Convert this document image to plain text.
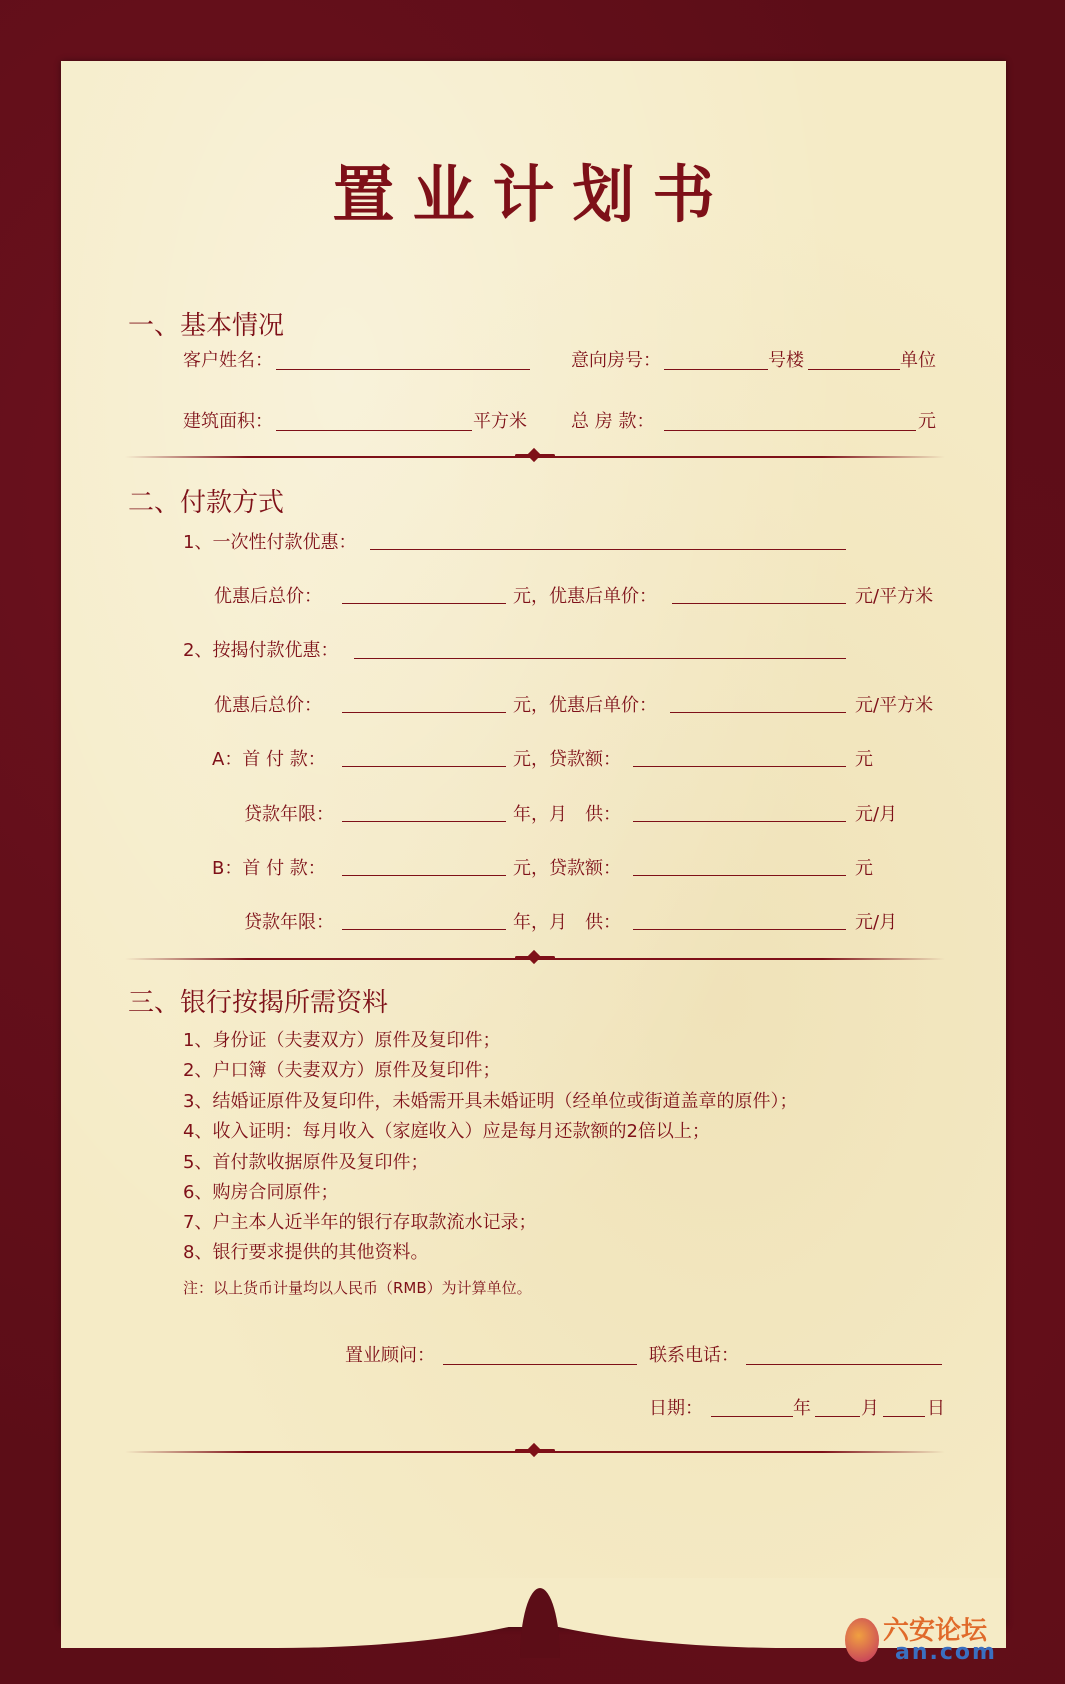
置业计划书
一、基本情况
客户姓名：	意向房号：	号楼	单位
建筑面积：	平方米 总 房 款：	元
二、付款方式
1、一次性付款优惠：
优惠后总价：	元，优惠后单价：	元/平方米
2、按揭付款优惠：
优惠后总价：	元，优惠后单价：	元/平方米
A：首 付 款：	元，贷款额：	元
贷款年限：	年，月　供：	元/月
B：首 付 款：	元，贷款额：	元
贷款年限：	年，月　供：	元/月
三、银行按揭所需资料
1、身份证（夫妻双方）原件及复印件；
2、户口簿（夫妻双方）原件及复印件；
3、结婚证原件及复印件，未婚需开具未婚证明（经单位或街道盖章的原件）；
4、收入证明：每月收入（家庭收入）应是每月还款额的2倍以上；
5、首付款收据原件及复印件；
6、购房合同原件；
7、户主本人近半年的银行存取款流水记录；
8、银行要求提供的其他资料。
注：以上货币计量均以人民币（RMB）为计算单位。
置业顾问：	联系电话：
日期：	年	月	日
六安论坛
an.com
